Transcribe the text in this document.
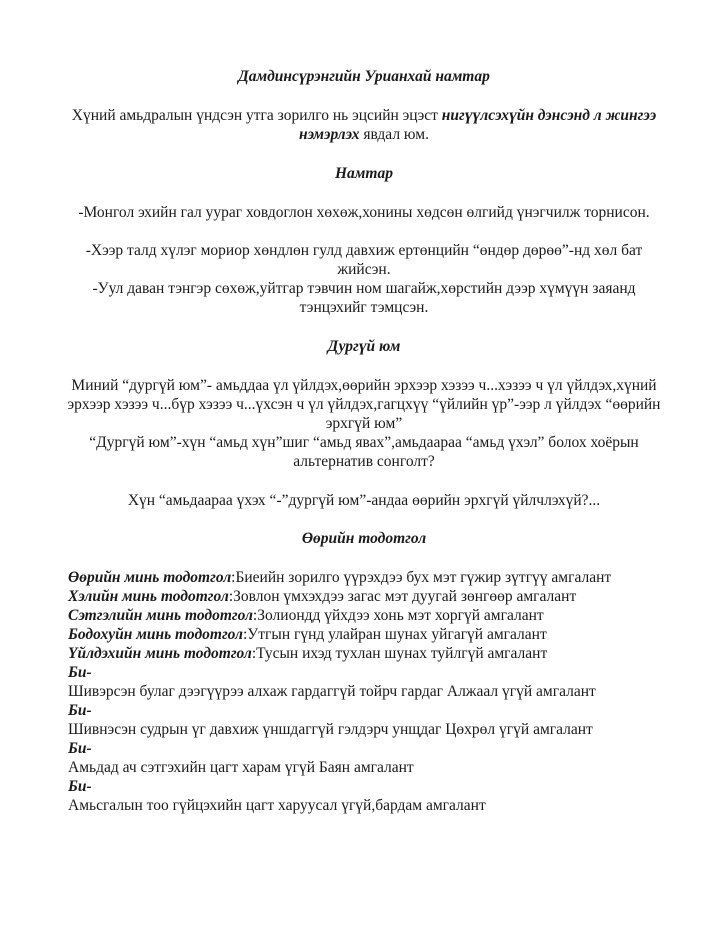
Дамдинсүрэнгийн Урианхай намтар
Хүний амьдралын үндсэн утга зорилго нь эцсийн эцэст нигүүлсэхүйн дэнсэнд л жингээ нэмэрлэх явдал юм.
Намтар
-Монгол эхийн гал уураг ховдоглон хөхөж,хонины хөдсөн өлгийд үнэгчилж торнисон.
-Хээр талд хүлэг мориор хөндлөн гулд давхиж ертөнцийн “өндөр дөрөө”-нд хөл бат жийсэн.
-Уул даван тэнгэр сөхөж,уйтгар тэвчин ном шагайж,хөрстийн дээр хүмүүн заяанд тэнцэхийг тэмцсэн.
Дургүй юм
Миний “дургүй юм”- амьддаа үл үйлдэх,өөрийн эрхээр хэзээ ч...хэзээ ч үл үйлдэх,хүний эрхээр хэзээ ч...бүр хэзээ ч...үхсэн ч үл үйлдэх,гагцхүү “үйлийн үр”-ээр л үйлдэх “өөрийн эрхгүй юм”
“Дургүй юм”-хүн “амьд хүн”шиг “амьд явах”,амьдаараа “амьд үхэл” болох хоёрын альтернатив сонголт?
Хүн “амьдаараа үхэх “-”дургүй юм”-андаа өөрийн эрхгүй үйлчлэхүй?...
Өөрийн тодотгол
Өөрийн минь тодотгол:Биеийн зорилго үүрэхдээ бух мэт гүжир зүтгүү амгалант
Хэлийн минь тодотгол:Зовлон үмхэхдээ загас мэт дуугай зөнгөөр амгалант
Сэтгэлийн минь тодотгол:Золиондд үйхдээ хонь мэт хоргүй амгалант
Бодохуйн минь тодотгол:Утгын гүнд улайран шунах уйгагүй амгалант
Үйлдэхийн минь тодотгол:Тусын ихэд тухлан шунах туйлгүй амгалант
Би-
Шивэрсэн булаг дээгүүрээ алхаж гардаггүй тойрч гардаг Алжаал үгүй амгалант
Би-
Шивнэсэн судрын үг давхиж үншдаггүй гэлдэрч унщдаг Цөхрөл үгүй амгалант
Би-
Амьдад ач сэтгэхийн цагт харам үгүй Баян амгалант
Би-
Амьсгалын тоо гүйцэхийн цагт харуусал үгүй,бардам амгалант
